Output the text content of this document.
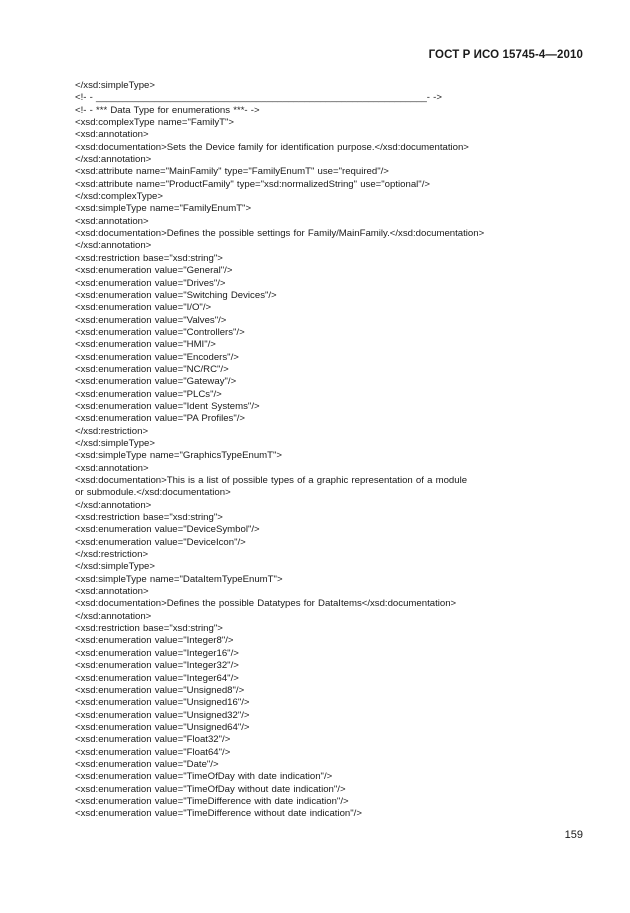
ГОСТ Р ИСО 15745-4—2010
</xsd:simpleType>
<!- - ______________________________________________________________- ->
<!- - *** Data Type for enumerations ***- ->
<xsd:complexType name="FamilyT">
<xsd:annotation>
<xsd:documentation>Sets the Device family for identification purpose.</xsd:documentation>
</xsd:annotation>
<xsd:attribute name="MainFamily" type="FamilyEnumT" use="required"/>
<xsd:attribute name="ProductFamily" type="xsd:normalizedString" use="optional"/>
</xsd:complexType>
<xsd:simpleType name="FamilyEnumT">
<xsd:annotation>
<xsd:documentation>Defines the possible settings for Family/MainFamily.</xsd:documentation>
</xsd:annotation>
<xsd:restriction base="xsd:string">
<xsd:enumeration value="General"/>
<xsd:enumeration value="Drives"/>
<xsd:enumeration value="Switching Devices"/>
<xsd:enumeration value="I/O"/>
<xsd:enumeration value="Valves"/>
<xsd:enumeration value="Controllers"/>
<xsd:enumeration value="HMI"/>
<xsd:enumeration value="Encoders"/>
<xsd:enumeration value="NC/RC"/>
<xsd:enumeration value="Gateway"/>
<xsd:enumeration value="PLCs"/>
<xsd:enumeration value="Ident Systems"/>
<xsd:enumeration value="PA Profiles"/>
</xsd:restriction>
</xsd:simpleType>
<xsd:simpleType name="GraphicsTypeEnumT">
<xsd:annotation>
<xsd:documentation>This is a list of possible types of a graphic representation of a module
or submodule.</xsd:documentation>
</xsd:annotation>
<xsd:restriction base="xsd:string">
<xsd:enumeration value="DeviceSymbol"/>
<xsd:enumeration value="DeviceIcon"/>
</xsd:restriction>
</xsd:simpleType>
<xsd:simpleType name="DataItemTypeEnumT">
<xsd:annotation>
<xsd:documentation>Defines the possible Datatypes for DataItems</xsd:documentation>
</xsd:annotation>
<xsd:restriction base="xsd:string">
<xsd:enumeration value="Integer8"/>
<xsd:enumeration value="Integer16"/>
<xsd:enumeration value="Integer32"/>
<xsd:enumeration value="Integer64"/>
<xsd:enumeration value="Unsigned8"/>
<xsd:enumeration value="Unsigned16"/>
<xsd:enumeration value="Unsigned32"/>
<xsd:enumeration value="Unsigned64"/>
<xsd:enumeration value="Float32"/>
<xsd:enumeration value="Float64"/>
<xsd:enumeration value="Date"/>
<xsd:enumeration value="TimeOfDay with date indication"/>
<xsd:enumeration value="TimeOfDay without date indication"/>
<xsd:enumeration value="TimeDifference with date indication"/>
<xsd:enumeration value="TimeDifference without date indication"/>
159
